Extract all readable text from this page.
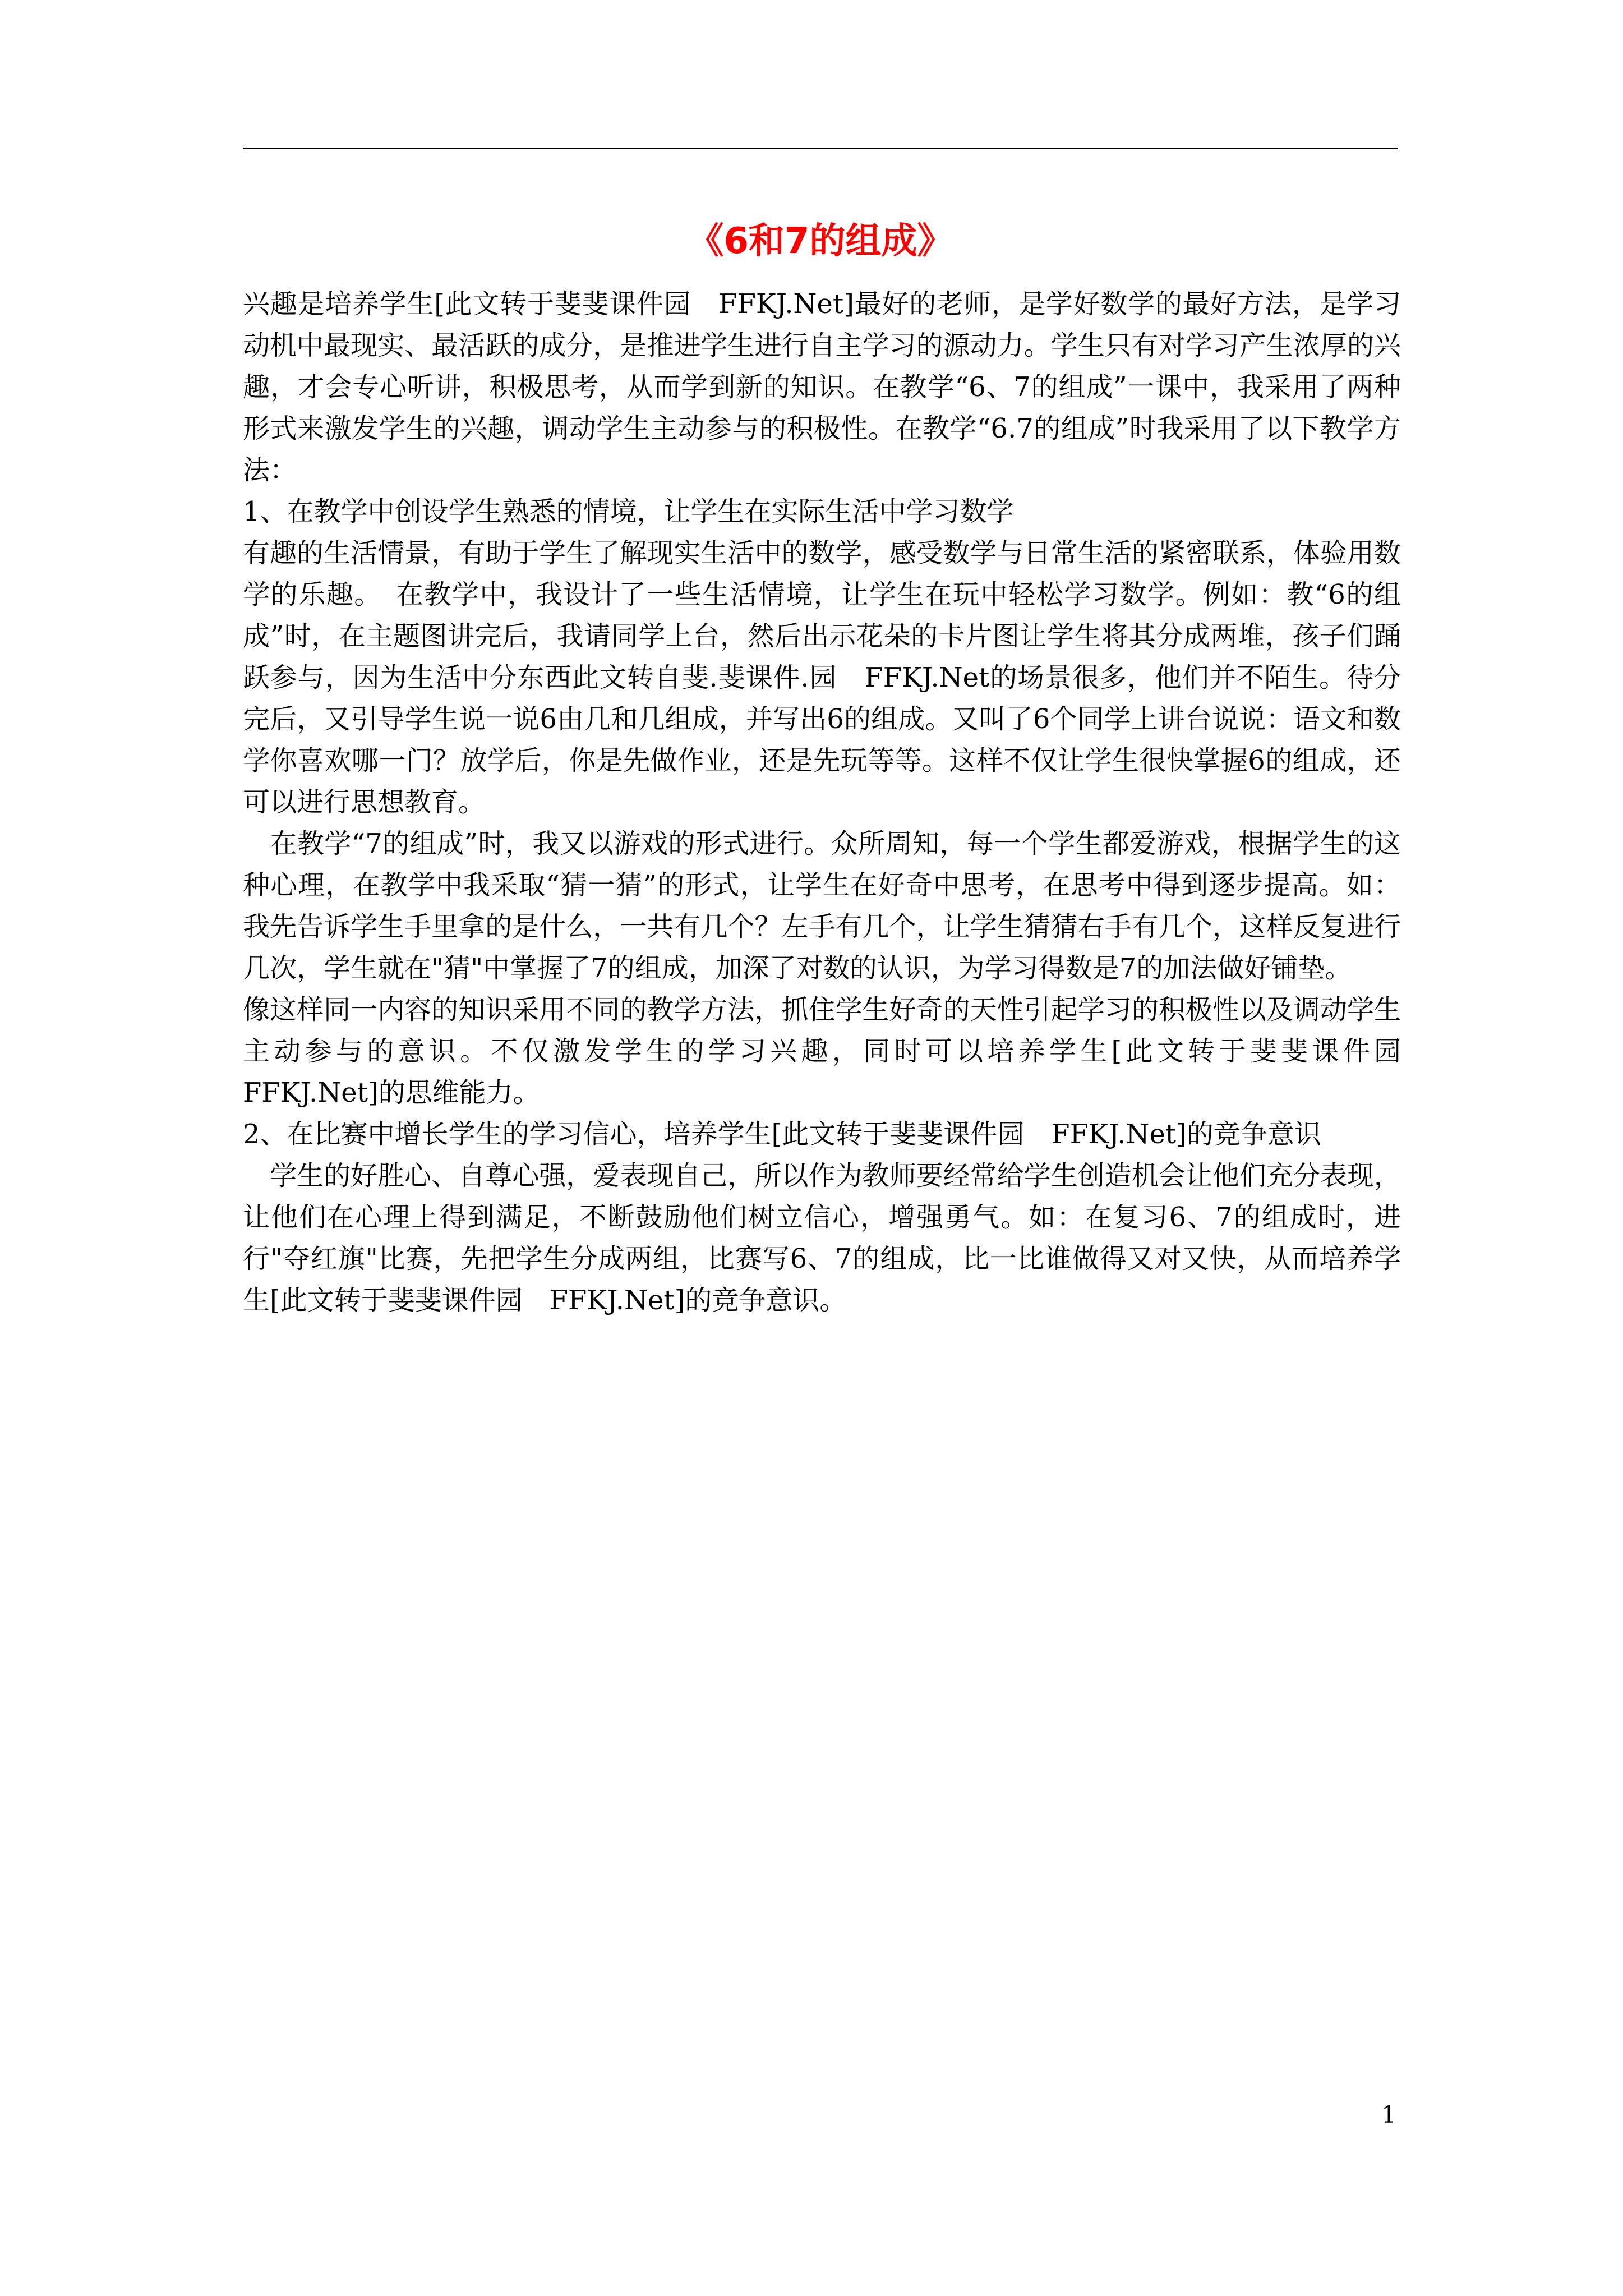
《6和7的组成》

兴趣是培养学生[此文转于斐斐课件园　FFKJ.Net]最好的老师，是学好数学的最好方法，是学习动机中最现实、最活跃的成分，是推进学生进行自主学习的源动力。学生只有对学习产生浓厚的兴趣，才会专心听讲，积极思考，从而学到新的知识。在教学“6、7的组成”一课中，我采用了两种形式来激发学生的兴趣，调动学生主动参与的积极性。在教学“6.7的组成”时我采用了以下教学方法：

1、在教学中创设学生熟悉的情境，让学生在实际生活中学习数学

有趣的生活情景，有助于学生了解现实生活中的数学，感受数学与日常生活的紧密联系，体验用数学的乐趣。　在教学中，我设计了一些生活情境，让学生在玩中轻松学习数学。例如：教“6的组成”时，在主题图讲完后，我请同学上台，然后出示花朵的卡片图让学生将其分成两堆，孩子们踊跃参与，因为生活中分东西此文转自斐.斐课件.园　FFKJ.Net的场景很多，他们并不陌生。待分完后，又引导学生说一说6由几和几组成，并写出6的组成。又叫了6个同学上讲台说说：语文和数学你喜欢哪一门？放学后，你是先做作业，还是先玩等等。这样不仅让学生很快掌握6的组成，还可以进行思想教育。

　在教学“7的组成”时，我又以游戏的形式进行。众所周知，每一个学生都爱游戏，根据学生的这种心理，在教学中我采取“猜一猜”的形式，让学生在好奇中思考，在思考中得到逐步提高。如：我先告诉学生手里拿的是什么，一共有几个？左手有几个，让学生猜猜右手有几个，这样反复进行几次，学生就在"猜"中掌握了7的组成，加深了对数的认识，为学习得数是7的加法做好铺垫。

像这样同一内容的知识采用不同的教学方法，抓住学生好奇的天性引起学习的积极性以及调动学生主动参与的意识。不仅激发学生的学习兴趣，同时可以培养学生[此文转于斐斐课件园　FFKJ.Net]的思维能力。

2、在比赛中增长学生的学习信心，培养学生[此文转于斐斐课件园　FFKJ.Net]的竞争意识

　学生的好胜心、自尊心强，爱表现自己，所以作为教师要经常给学生创造机会让他们充分表现，让他们在心理上得到满足，不断鼓励他们树立信心，增强勇气。如：在复习6、7的组成时，进行"夺红旗"比赛，先把学生分成两组，比赛写6、7的组成，比一比谁做得又对又快，从而培养学生[此文转于斐斐课件园　FFKJ.Net]的竞争意识。

1
